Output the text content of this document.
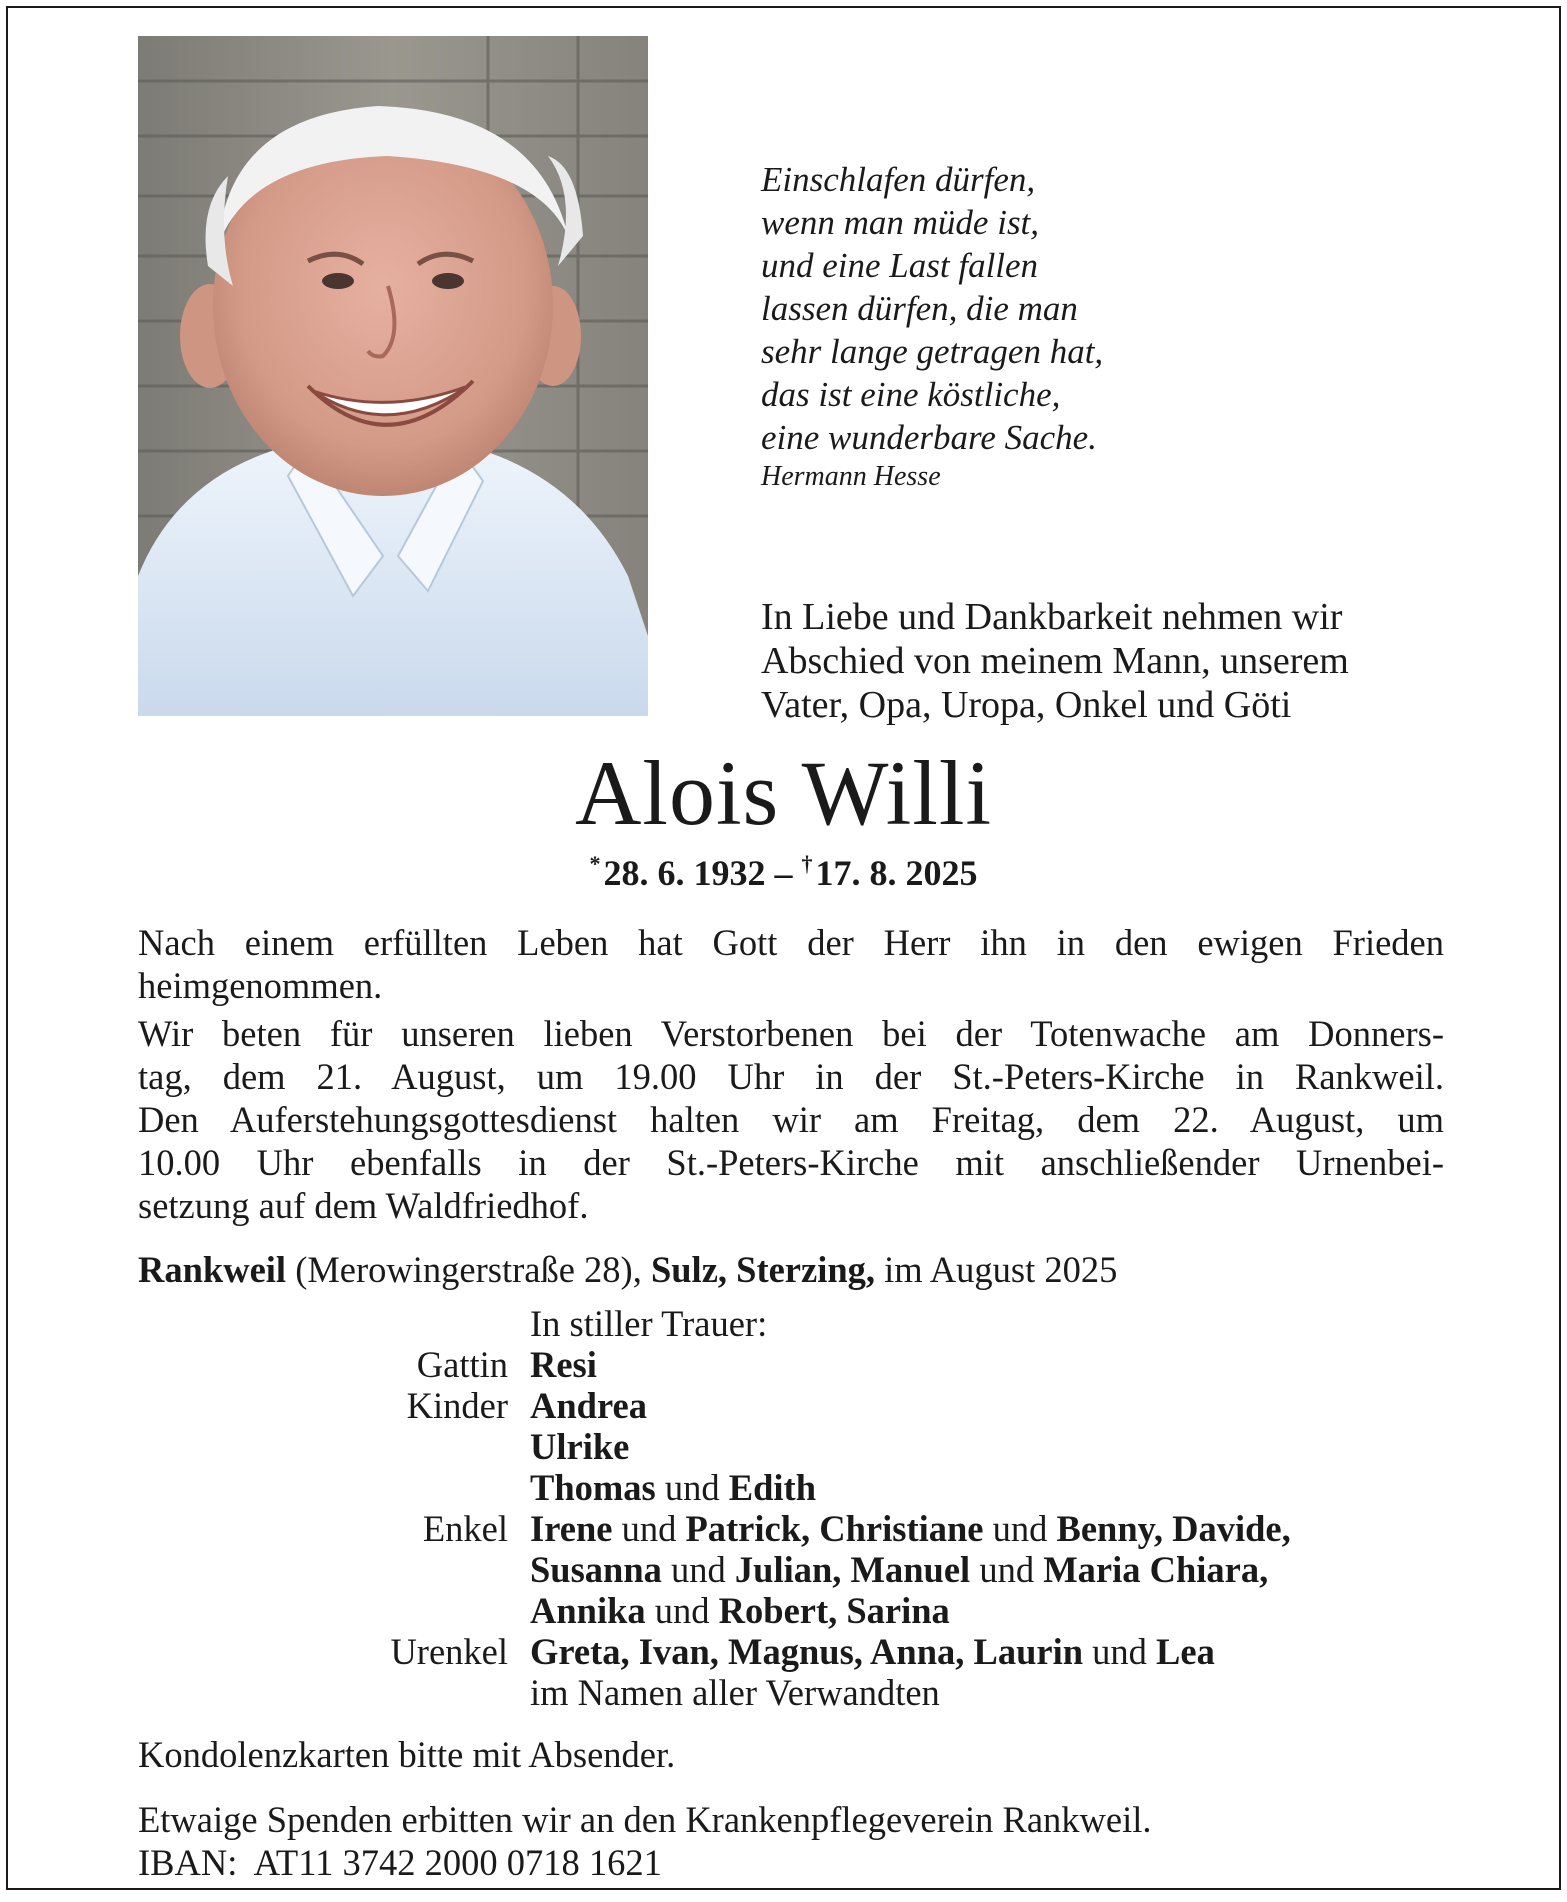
Einschlafen dürfen,
wenn man müde ist,
und eine Last fallen
lassen dürfen, die man
sehr lange getragen hat,
das ist eine köstliche,
eine wunderbare Sache.
Hermann Hesse
In Liebe und Dankbarkeit nehmen wir
Abschied von meinem Mann, unserem
Vater, Opa, Uropa, Onkel und Göti
Alois Willi
*28. 6. 1932 – †17. 8. 2025
Nach einem erfüllten Leben hat Gott der Herr ihn in den ewigen Frieden
heimgenommen.
Wir beten für unseren lieben Verstorbenen bei der Totenwache am Donners-
tag, dem 21. August, um 19.00 Uhr in der St.-Peters-Kirche in Rankweil.
Den Auferstehungsgottesdienst halten wir am Freitag, dem 22. August, um
10.00 Uhr ebenfalls in der St.-Peters-Kirche mit anschließender Urnenbei-
setzung auf dem Waldfriedhof.
Rankweil (Merowingerstraße 28), Sulz, Sterzing, im August 2025
In stiller Trauer:
Gattin Resi
Kinder Andrea
Ulrike
Thomas und Edith
Enkel Irene und Patrick, Christiane und Benny, Davide,
Susanna und Julian, Manuel und Maria Chiara,
Annika und Robert, Sarina
Urenkel Greta, Ivan, Magnus, Anna, Laurin und Lea
im Namen aller Verwandten
Kondolenzkarten bitte mit Absender.
Etwaige Spenden erbitten wir an den Krankenpflegeverein Rankweil.
IBAN: AT11 3742 2000 0718 1621
